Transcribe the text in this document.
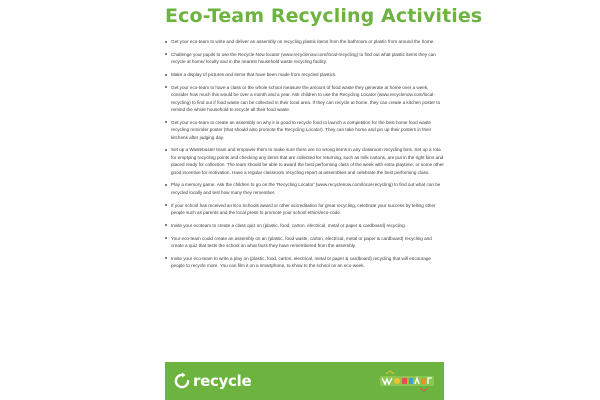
Eco-Team Recycling Activities
Get your eco-team to write and deliver an assembly on recycling plastic items from the bathroom or plastic from around the home.
Challenge your pupils to use the Recycle Now locator (www.recyclenow.com/local-recycling) to find out what plastic items they can recycle at home/ locally and in the nearest household waste recycling facility.
Make a display of pictures and items that have been made from recycled plastics.
Get your eco-team to have a class or the whole school measure the amount of food waste they generate at home over a week, consider how much this would be over a month and a year. Ask children to use the Recycling Locator (www.recyclenow.com/local-recycling) to find out if food waste can be collected in their local area. If they can recycle at home, they can create a kitchen poster to remind the whole household to recycle all their food waste.
Get your eco-team to create an assembly on why it is good to recycle food to launch a competition for the best home food waste recycling reminder poster (that should also promote the Recycling Locator). They can take home and pin up their posters in their kitchens after judging day.
Set up a Wastebuster team and empower them to make sure there are no wrong items in any classroom recycling bins. Set up a rota for emptying recycling points and checking any items that are collected for returning, such as milk cartons, are put in the right bins and placed ready for collection. The team should be able to award the best performing class of the week with extra playtime, or some other good incentive for motivation. Have a regular classroom recycling report at assemblies and celebrate the best performing class.
Play a memory game. Ask the children to go on the 'Recycling Locator' (www.recyclenow.com/local-recycling) to find out what can be recycled locally and test how many they remember.
If your school has received an Eco Schools award or other accreditation for great recycling, celebrate your success by telling other people such as parents and the local press to promote your school ethics/eco-code.
Invite your ecoteam to create a class quiz on (plastic, food, carton, electrical, metal or paper & cardboard) recycling.
Your eco-team could create an assembly on an (plastic, food waste, carton, electrical, metal or paper & cardboard) recycling and create a quiz that tests the school on what facts they have remembered from the assembly.
Invite your eco-team to write a play on (plastic, food, carton, electrical, metal or paper & cardboard) recycling that will encourage people to recycle more. You can film it on a smartphone, to show to the school on an eco-week.
recycle
